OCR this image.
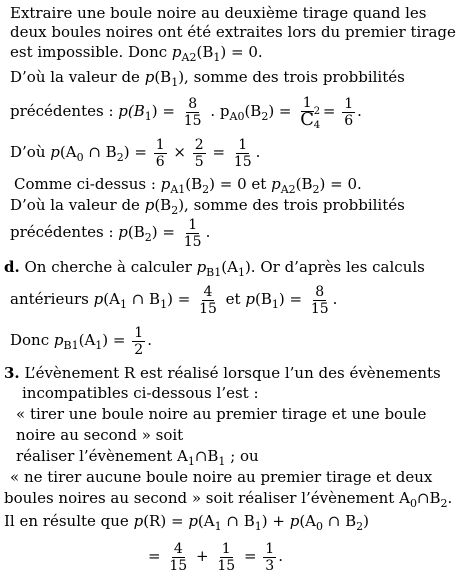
Extraire une boule noire au deuxième tirage quand les
deux boules noires ont été extraites lors du premier tirage
est impossible. Donc $p_{A2}(B_1) = 0$.
D’où la valeur de $p(B_1)$, somme des trois probbilités
précédentes : $p(B_1) = \frac{8}{15}$ . $p_{A0}(B_2) = 1$
C 2
$4 = \frac{1}{6}$ .
D’où $p(A_0$ ∩ $B_2) = \frac{1}{6} \times \frac{2}{5} = \frac{1}{15}$ .
Comme ci-dessus : $p_{A1}(B_2) = 0$ et $p_{A2}(B_2) = 0$.
D’où la valeur de $p(B_2)$, somme des trois probbilités
précédentes : $p(B_2) = \frac{1}{15}$ .
d. On cherche à calculer $p_{B1}(A_1)$. Or d’après les calculs
antérieurs $p(A_1$ ∩ $B_1) = \frac{4}{15}$ et $p(B_1) = \frac{8}{15}$ .
Donc $p_{B1}(A_1) = \frac{1}{2}$ .
3. L’évènement R est réalisé lorsque l’un des évènements
incompatibles ci-dessous l’est :
« tirer une boule noire au premier tirage et une boule
noire au second » soit
réaliser l’évènement $A_1\cap B_1$ ; ou
« ne tirer aucune boule noire au premier tirage et deux
boules noires au second » soit réaliser l’évènement $A_0\cap B_2$.
Il en résulte que $p(R) = p(A_1$ ∩ $B_1) + p(A_0$ ∩ $B_2$)
= $\frac{4}{15} + \frac{1}{15} = \frac{1}{3}$ .
